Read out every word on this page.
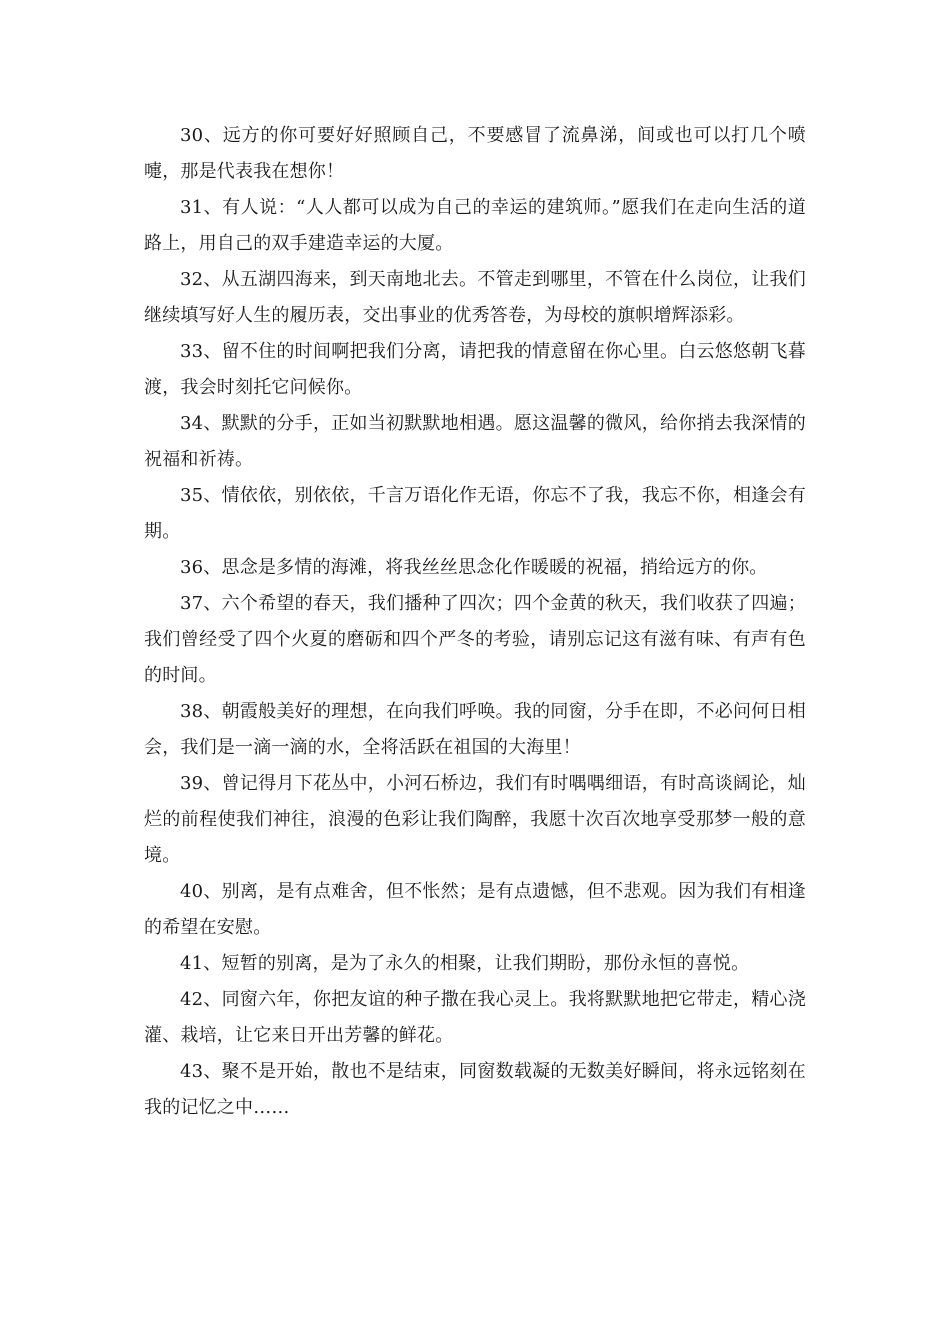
30、远方的你可要好好照顾自己，不要感冒了流鼻涕，间或也可以打几个喷嚏，那是代表我在想你！

31、有人说：“人人都可以成为自己的幸运的建筑师。”愿我们在走向生活的道路上，用自己的双手建造幸运的大厦。

32、从五湖四海来，到天南地北去。不管走到哪里，不管在什么岗位，让我们继续填写好人生的履历表，交出事业的优秀答卷，为母校的旗帜增辉添彩。

33、留不住的时间啊把我们分离，请把我的情意留在你心里。白云悠悠朝飞暮渡，我会时刻托它问候你。

34、默默的分手，正如当初默默地相遇。愿这温馨的微风，给你捎去我深情的祝福和祈祷。

35、情依依，别依依，千言万语化作无语，你忘不了我，我忘不你，相逢会有期。

36、思念是多情的海滩，将我丝丝思念化作暖暖的祝福，捎给远方的你。

37、六个希望的春天，我们播种了四次；四个金黄的秋天，我们收获了四遍；我们曾经受了四个火夏的磨砺和四个严冬的考验，请别忘记这有滋有味、有声有色的时间。

38、朝霞般美好的理想，在向我们呼唤。我的同窗，分手在即，不必问何日相会，我们是一滴一滴的水，全将活跃在祖国的大海里！

39、曾记得月下花丛中，小河石桥边，我们有时喁喁细语，有时高谈阔论，灿烂的前程使我们神往，浪漫的色彩让我们陶醉，我愿十次百次地享受那梦一般的意境。

40、别离，是有点难舍，但不怅然；是有点遗憾，但不悲观。因为我们有相逢的希望在安慰。

41、短暂的别离，是为了永久的相聚，让我们期盼，那份永恒的喜悦。

42、同窗六年，你把友谊的种子撒在我心灵上。我将默默地把它带走，精心浇灌、栽培，让它来日开出芳馨的鲜花。

43、聚不是开始，散也不是结束，同窗数载凝的无数美好瞬间，将永远铭刻在我的记忆之中……
